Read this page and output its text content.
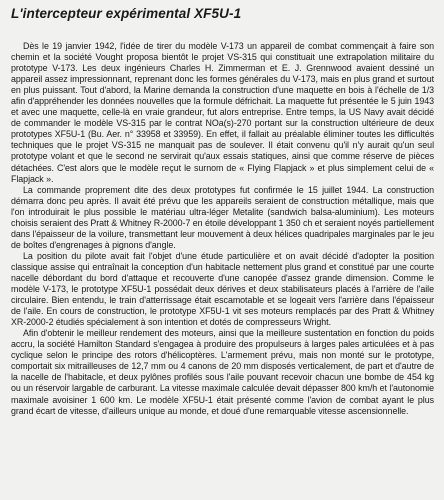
L'intercepteur expérimental XF5U-1

Dès le 19 janvier 1942, l'idée de tirer du modèle V-173 un appareil de combat commençait à faire son chemin et la société Vought proposa bientôt le projet VS-315 qui constituait une extrapolation militaire du prototype V-173. Les deux ingénieurs Charles H. Zimmerman et E. J. Grennwood avaient dessiné un appareil assez impressionnant, reprenant donc les formes générales du V-173, mais en plus grand et surtout en plus puissant. Tout d'abord, la Marine demanda la construction d'une maquette en bois à l'échelle de 1/3 afin d'appréhender les données nouvelles que la formule défrichait. La maquette fut présentée le 5 juin 1943 et avec une maquette, celle-là en vraie grandeur, fut alors entreprise. Entre temps, la US Navy avait décidé de commander le modèle VS-315 par le contrat NOa(s)-270 portant sur la construction ultérieure de deux prototypes XF5U-1 (Bu. Aer. n° 33958 et 33959). En effet, il fallait au préalable éliminer toutes les difficultés techniques que le projet VS-315 ne manquait pas de soulever. Il était convenu qu'il n'y aurait qu'un seul prototype volant et que le second ne servirait qu'aux essais statiques, ainsi que comme réserve de pièces détachées. C'est alors que le modèle reçut le surnom de « Flying Flapjack » et plus simplement celui de « Flapjack ».

La commande proprement dite des deux prototypes fut confirmée le 15 juillet 1944. La construction démarra donc peu après. Il avait été prévu que les appareils seraient de construction métallique, mais que l'on introduirait le plus possible le matériau ultra-léger Metalite (sandwich balsa-aluminium). Les moteurs choisis seraient des Pratt & Whitney R-2000-7 en étoile développant 1 350 ch et seraient noyés partiellement dans l'épaisseur de la voilure, transmettant leur mouvement à deux hélices quadripales marginales par le jeu de boîtes d'engrenages à pignons d'angle.

La position du pilote avait fait l'objet d'une étude particulière et on avait décidé d'adopter la position classique assise qui entraînait la conception d'un habitacle nettement plus grand et constitué par une courte nacelle débordant du bord d'attaque et recouverte d'une canopée d'assez grande dimension. Comme le modèle V-173, le prototype XF5U-1 possédait deux dérives et deux stabilisateurs placés à l'arrière de l'aile circulaire. Bien entendu, le train d'atterrissage était escamotable et se logeait vers l'arrière dans l'épaisseur de l'aile. En cours de construction, le prototype XF5U-1 vit ses moteurs remplacés par des Pratt & Whitney XR-2000-2 étudiés spécialement à son intention et dotés de compresseurs Wright.

Afin d'obtenir le meilleur rendement des moteurs, ainsi que la meilleure sustentation en fonction du poids accru, la société Hamilton Standard s'engagea à produire des propulseurs à larges pales articulées et à pas cyclique selon le principe des rotors d'hélicoptères. L'armement prévu, mais non monté sur le prototype, comportait six mitrailleuses de 12,7 mm ou 4 canons de 20 mm disposés verticalement, de part et d'autre de la nacelle de l'habitacle, et deux pylônes profilés sous l'aile pouvant recevoir chacun une bombe de 454 kg ou un réservoir largable de carburant. La vitesse maximale calculée devait dépasser 800 km/h et l'autonomie maximale avoisiner 1 600 km. Le modèle XF5U-1 était présenté comme l'avion de combat ayant le plus grand écart de vitesse, d'ailleurs unique au monde, et doué d'une remarquable vitesse ascensionnelle.
